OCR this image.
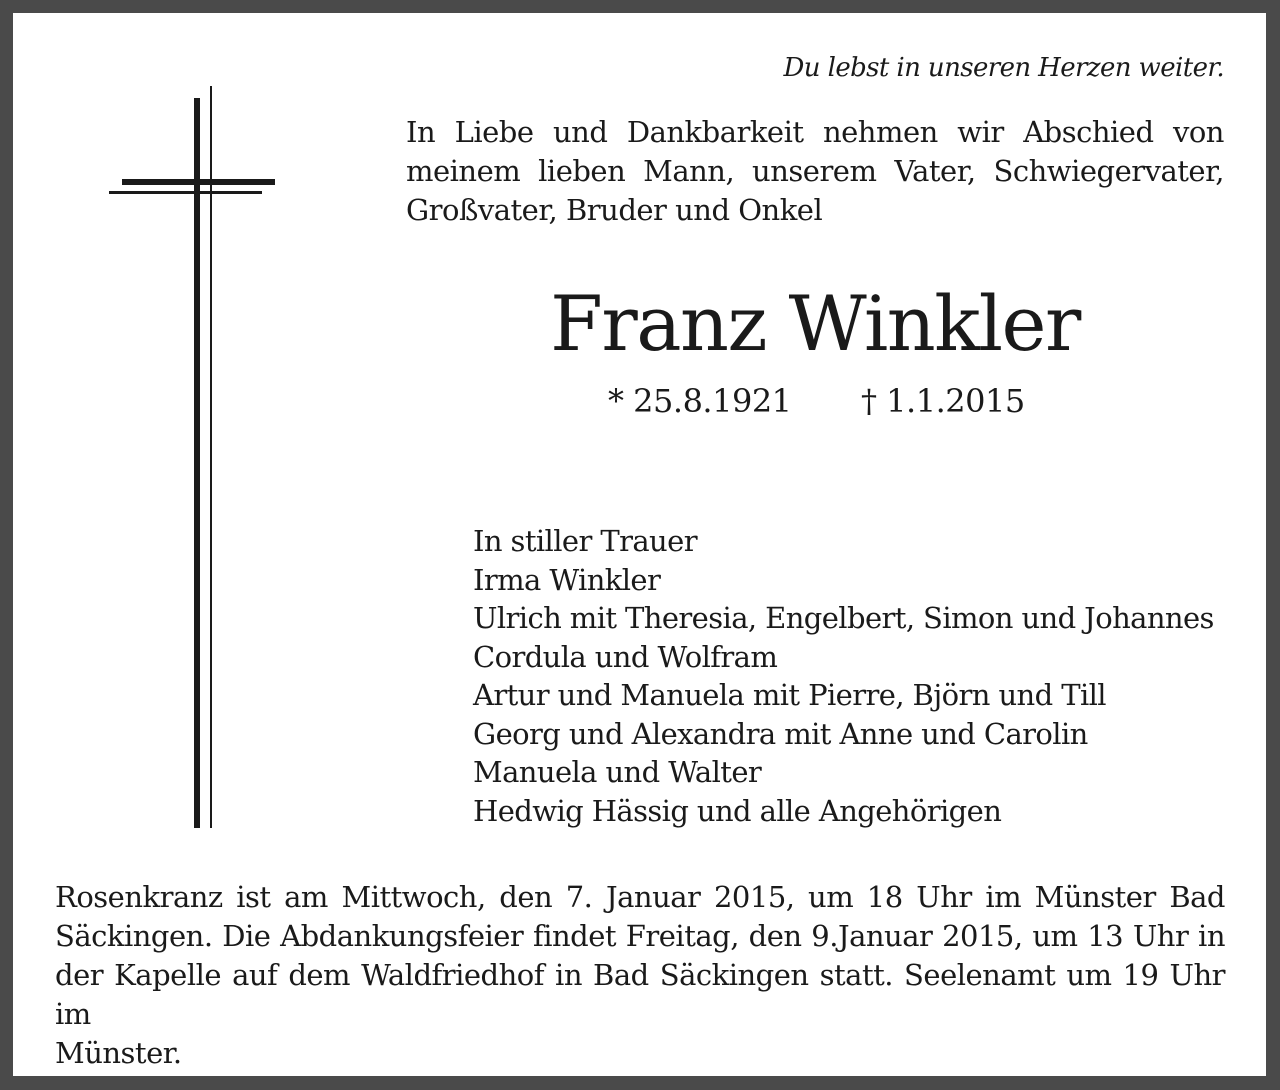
Du lebst in unseren Herzen weiter.

In Liebe und Dankbarkeit nehmen wir Abschied von

meinem lieben Mann, unserem Vater, Schwiegervater,

Großvater, Bruder und Onkel

Franz Winkler
* 25.8.1921 † 1.1.2015
In stiller Trauer
Irma Winkler
Ulrich mit Theresia, Engelbert, Simon und Johannes
Cordula und Wolfram
Artur und Manuela mit Pierre, Björn und Till
Georg und Alexandra mit Anne und Carolin
Manuela und Walter
Hedwig Hässig und alle Angehörigen

Rosenkranz ist am Mittwoch, den 7. Januar 2015, um 18 Uhr im Münster Bad

Säckingen. Die Abdankungsfeier findet Freitag, den 9.Januar 2015, um 13 Uhr in

der Kapelle auf dem Waldfriedhof in Bad Säckingen statt. Seelenamt um 19 Uhr im

Münster.
